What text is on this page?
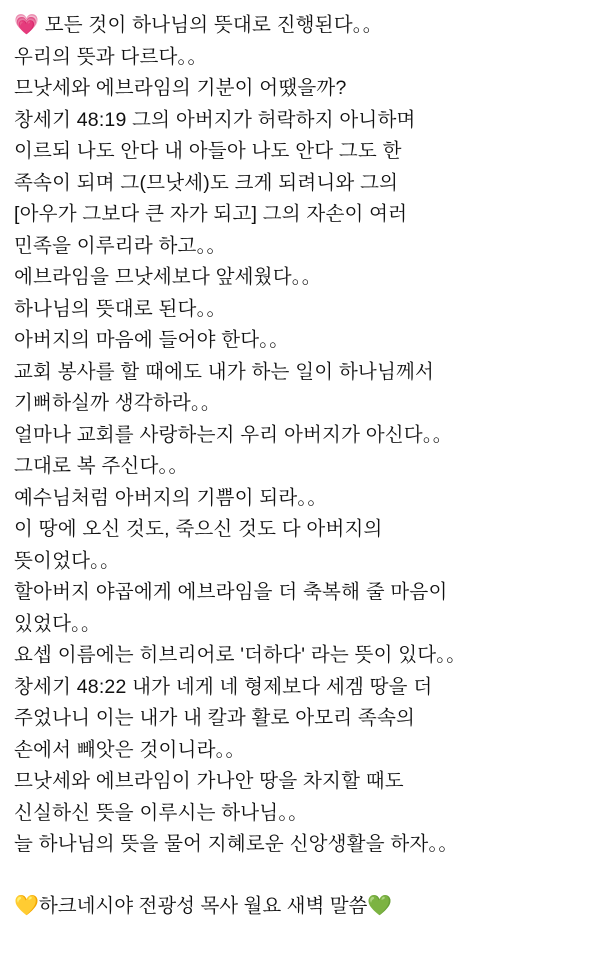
💗 모든 것이 하나님의 뜻대로 진행된다。。
우리의 뜻과 다르다。。
므낫세와 에브라임의 기분이 어땠을까?
창세기 48:19 그의 아버지가 허락하지 아니하며
이르되 나도 안다 내 아들아 나도 안다 그도 한
족속이 되며 그(므낫세)도 크게 되려니와 그의
[아우가 그보다 큰 자가 되고] 그의 자손이 여러
민족을 이루리라 하고。。
에브라임을 므낫세보다 앞세웠다。。
하나님의 뜻대로 된다。。
아버지의 마음에 들어야 한다。。
교회 봉사를 할 때에도 내가 하는 일이 하나님께서
기뻐하실까 생각하라。。
얼마나 교회를 사랑하는지 우리 아버지가 아신다。。
그대로 복 주신다。。
예수님처럼 아버지의 기쁨이 되라。。
이 땅에 오신 것도, 죽으신 것도 다 아버지의
뜻이었다。。
할아버지 야곱에게 에브라임을 더 축복해 줄 마음이
있었다。。
요셉 이름에는 히브리어로 '더하다' 라는 뜻이 있다。。
창세기 48:22 내가 네게 네 형제보다 세겜 땅을 더
주었나니 이는 내가 내 칼과 활로 아모리 족속의
손에서 빼앗은 것이니라。。
므낫세와 에브라임이 가나안 땅을 차지할 때도
신실하신 뜻을 이루시는 하나님。。
늘 하나님의 뜻을 물어 지혜로운 신앙생활을 하자。。
💛하크네시야 전광성 목사 월요 새벽 말씀💚
